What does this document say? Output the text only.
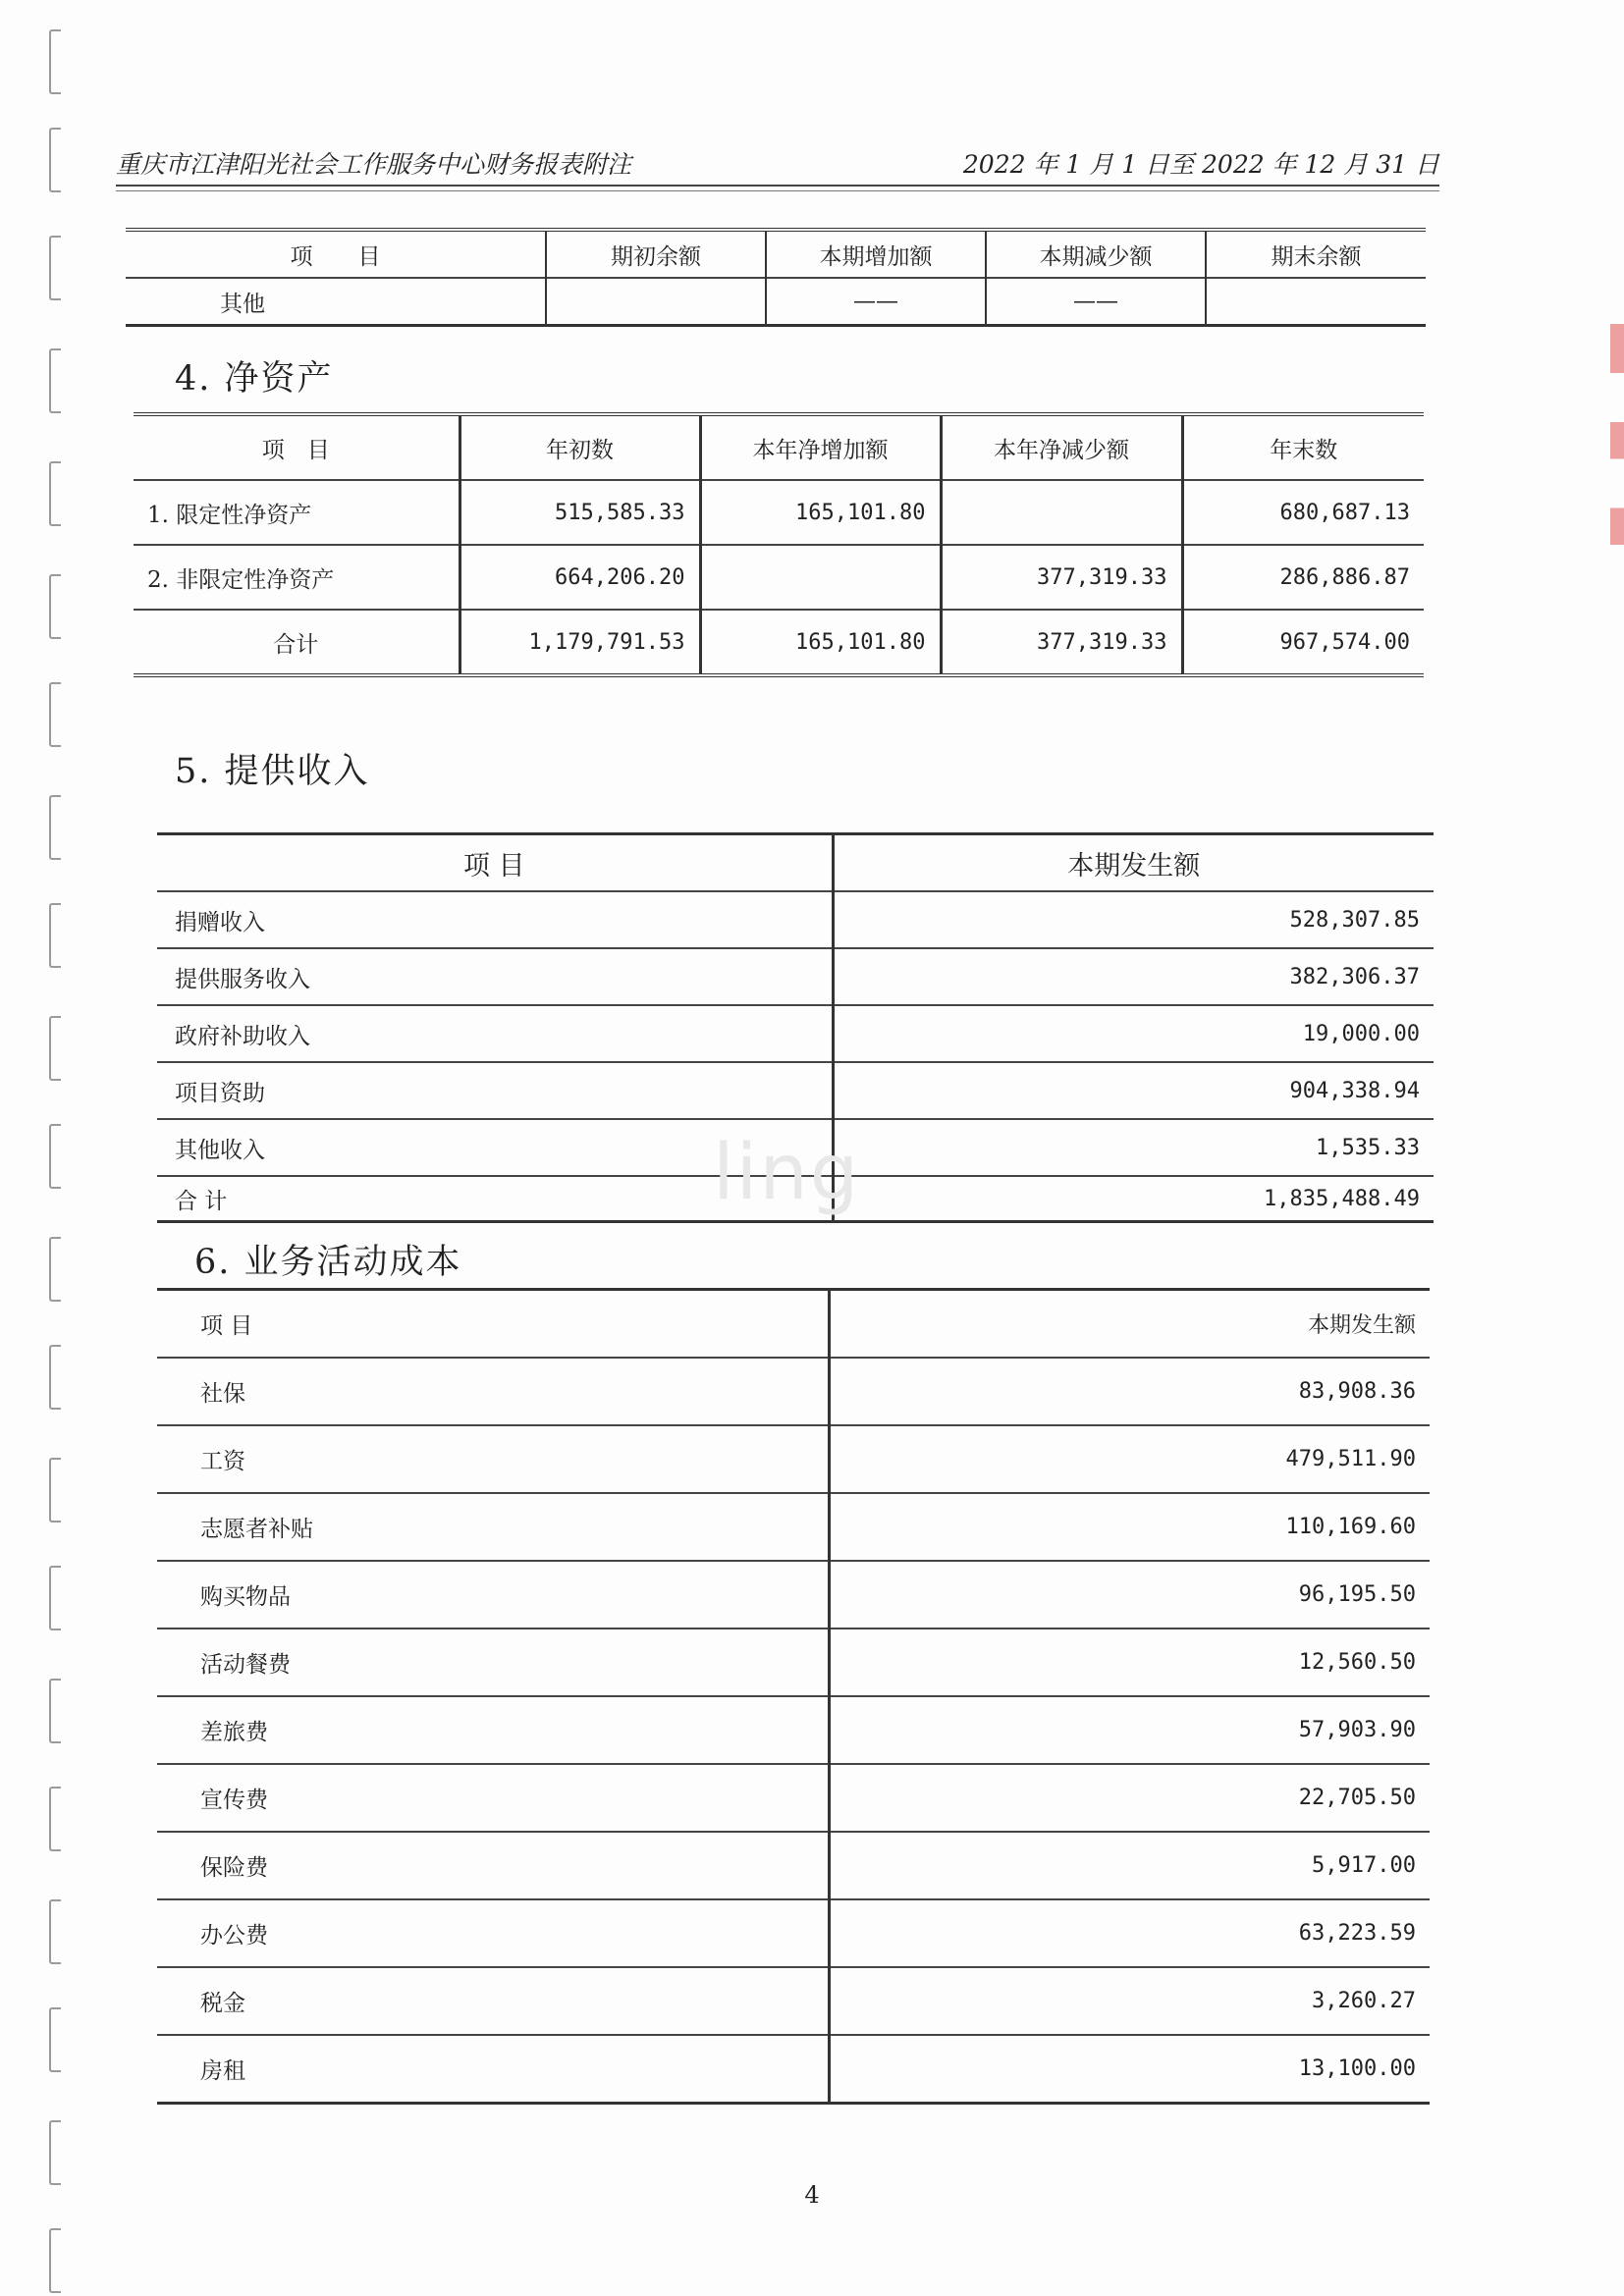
重庆市江津阳光社会工作服务中心财务报表附注	2022 年 1 月 1 日至 2022 年 12 月 31 日
项　　目	期初余额	本期增加额	本期减少额	期末余额
其他		——	——	
4. 净资产
项　目	年初数	本年净增加额	本年净减少额	年末数
1. 限定性净资产	515,585.33	165,101.80		680,687.13
2. 非限定性净资产	664,206.20		377,319.33	286,886.87
合计	1,179,791.53	165,101.80	377,319.33	967,574.00
5. 提供收入
项 目	本期发生额
捐赠收入	528,307.85
提供服务收入	382,306.37
政府补助收入	19,000.00
项目资助	904,338.94
其他收入	1,535.33
合 计	1,835,488.49
6. 业务活动成本
项 目	本期发生额
社保	83,908.36
工资	479,511.90
志愿者补贴	110,169.60
购买物品	96,195.50
活动餐费	12,560.50
差旅费	57,903.90
宣传费	22,705.50
保险费	5,917.00
办公费	63,223.59
税金	3,260.27
房租	13,100.00
ling
4
